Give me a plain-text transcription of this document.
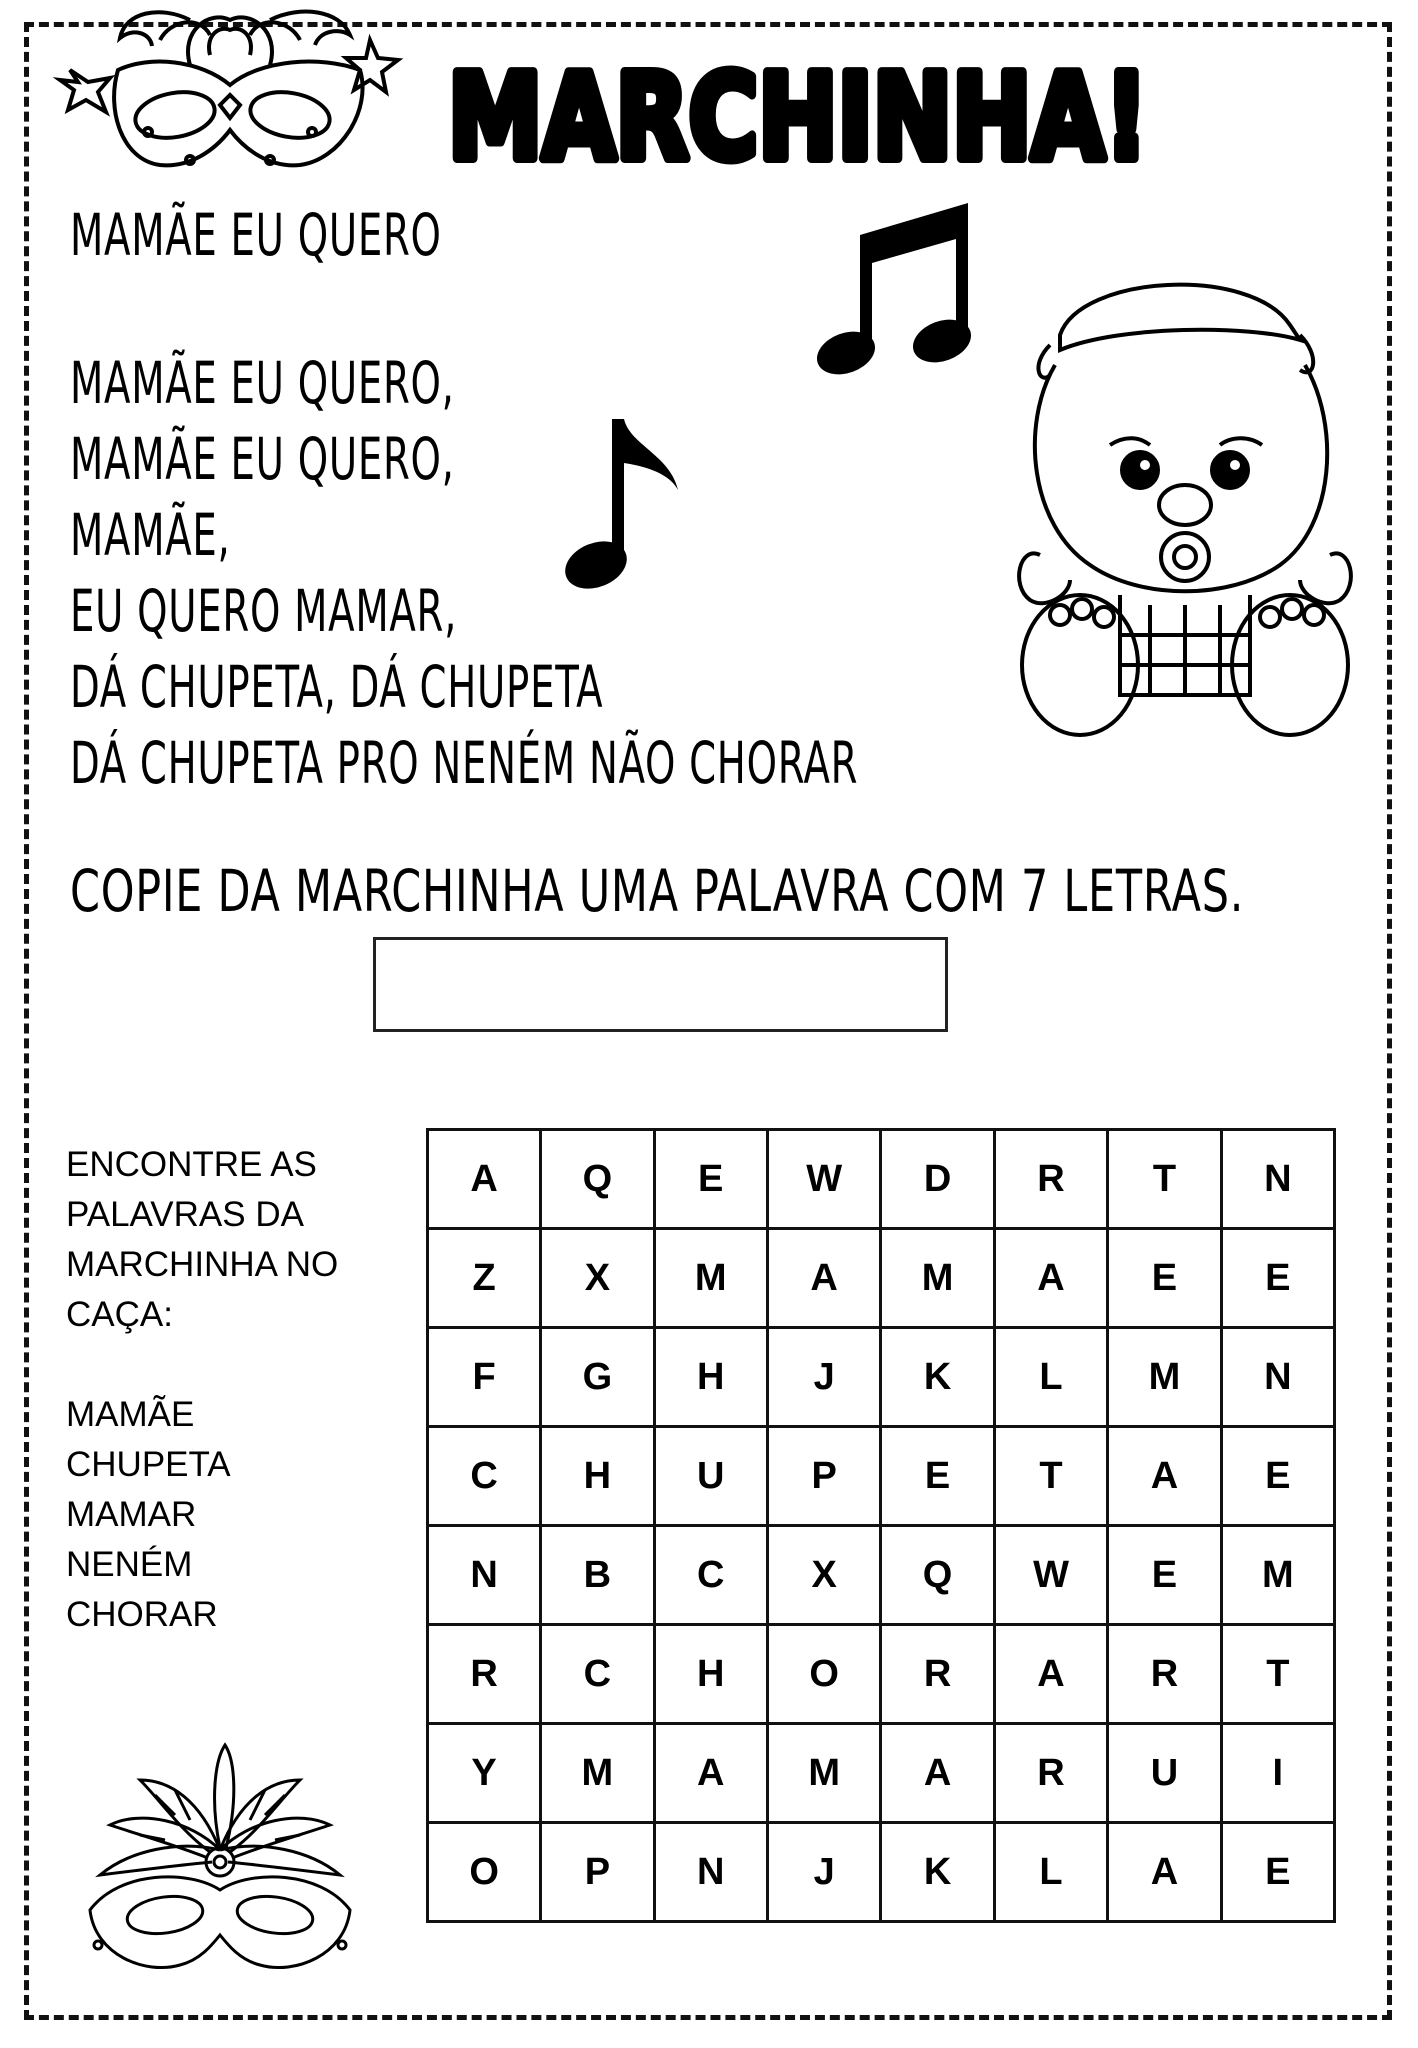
MARCHINHA!
MAMÃE EU QUERO
MAMÃE EU QUERO,
MAMÃE EU QUERO,
MAMÃE,
EU QUERO MAMAR,
DÁ CHUPETA, DÁ CHUPETA
DÁ CHUPETA PRO NENÉM NÃO CHORAR
COPIE DA MARCHINHA UMA PALAVRA COM 7 LETRAS.
ENCONTRE AS
PALAVRAS DA
MARCHINHA NO
CAÇA:
MAMÃE
CHUPETA
MAMAR
NENÉM
CHORAR
A	Q	E	W	D	R	T	N
Z	X	M	A	M	A	E	E
F	G	H	J	K	L	M	N
C	H	U	P	E	T	A	E
N	B	C	X	Q	W	E	M
R	C	H	O	R	A	R	T
Y	M	A	M	A	R	U	I
O	P	N	J	K	L	A	E
